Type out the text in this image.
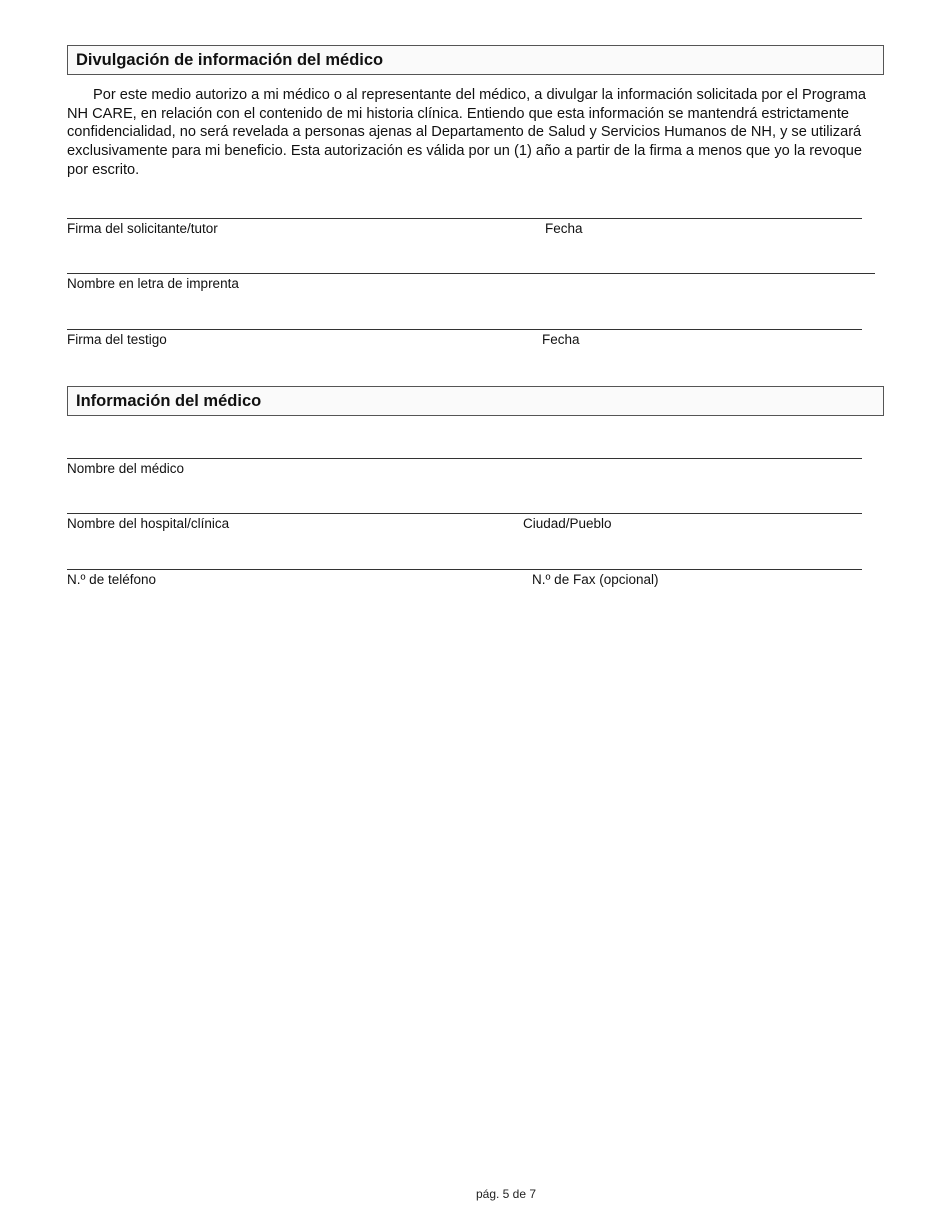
Divulgación de información del médico

Por este medio autorizo a mi médico o al representante del médico, a divulgar la información solicitada por el Programa NH CARE, en relación con el contenido de mi historia clínica. Entiendo que esta información se mantendrá estrictamente confidencialidad, no será revelada a personas ajenas al Departamento de Salud y Servicios Humanos de NH, y se utilizará exclusivamente para mi beneficio. Esta autorización es válida por un (1) año a partir de la firma a menos que yo la revoque por escrito.

Firma del solicitante/tutor	Fecha
Nombre en letra de imprenta
Firma del testigo	Fecha
Información del médico
Nombre del médico
Nombre del hospital/clínica	Ciudad/Pueblo
N.º de teléfono	N.º de Fax (opcional)
pág. 5 de 7
